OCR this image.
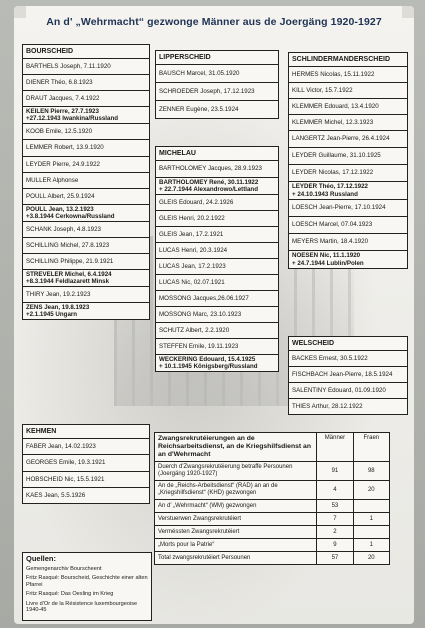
An d' „Wehrmacht“ gezwonge Männer aus de Joergäng 1920-1927
BOURSCHEID
BARTHELS Joseph, 7.11.1920
DIENER Théo, 6.8.1923
DRAUT Jacques, 7.4.1922
KEILEN Pierre, 27.7.1923
+27.12.1943 Iwankina/Russland
KOOB Emile, 12.5.1920
LEMMER Robert, 13.9.1920
LEYDER Pierre, 24.9.1922
MULLER Alphonse
POULL Albert, 25.9.1924
POULL Jean, 13.2.1923
+3.8.1944 Cerkowna/Russland
SCHANK Joseph, 4.8.1923
SCHILLING Michel, 27.8.1923
SCHILLING Philippe, 21.9.1921
STREVELER Michel, 6.4.1924
+8.3.1944 Feldlazarett Minsk
THIRY Jean, 19.2.1923
ZENS Jean, 19.8.1923
+2.1.1945 Ungarn
KEHMEN
FABER Jean, 14.02.1923
GEORGES Emile, 19.3.1921
HOBSCHEID Nic, 15.5.1921
KAES Jean, 5.5.1926
LIPPERSCHEID
BAUSCH Marcel, 31.05.1920
SCHROEDER Joseph, 17.12.1923
ZENNER Eugène, 23.5.1924
MICHELAU
BARTHOLOMEY Jacques, 28.9.1923
BARTHOLOMEY René, 30.11.1922
+ 22.7.1944 Alexandrowo/Lettland
GLEIS Edouard, 24.2.1926
GLEIS Henri, 20.2.1922
GLEIS Jean, 17.2.1921
LUCAS Henri, 20.3.1924
LUCAS Jean, 17.2.1923
LUCAS Nic, 02.07.1921
MOSSONG Jacques,26.06.1927
MOSSONG Marc, 23.10.1923
SCHUTZ Albert, 2.2.1920
STEFFEN Emile, 19.11.1923
WECKERING Edouard, 15.4.1925
+ 10.1.1945 Königsberg/Russland
SCHLINDERMANDERSCHEID
HERMES Nicolas, 15.11.1922
KILL Victor, 15.7.1922
KLEMMER Edouard, 13.4.1920
KLEMMER Michel, 12.3.1923
LANGERTZ Jean-Pierre, 26.4.1924
LEYDER Guillaume, 31.10.1925
LEYDER Nicolas, 17.12.1922
LEYDER Théo, 17.12.1922
+ 24.10.1943 Russland
LOESCH Jean-Pierre, 17.10.1924
LOESCH Marcel, 07.04.1923
MEYERS Martin, 18.4.1920
NOESEN Nic, 11.1.1920
+ 24.7.1944 Lublin/Polen
WELSCHEID
BACKES Ernest, 30.5.1922
FISCHBACH Jean-Pierre, 18.5.1924
SALENTINY Edouard, 01.09.1920
THIES Arthur, 28.12.1922
Zwangsrekrutéierungen an de Reichsarbeitsdienst, an de Kriegshilfsdienst an an d'Wehrmacht
Männer	Fraen
Duerch d'Zwangsrekrutéierung betraffe Persounen (Joergäng 1920-1927)	91	98
An de „Reichs-Arbeitsdienst“ (RAD) an an de „Kriegshilfsdienst“ (KHD) gezwongen	4	20
An d' „Wehrmacht“ (WM) gezwongen	53
Verstuerwen Zwangsrekrutéiert	7	1
Verméssten Zwangsrekrutéiert	2
„Morts pour la Patrie“	9	1
Total zwangsrekrutéiert Persounen	57	20
Quellen:
Gemengenarchiv Bourscheent
Fritz Rasqué: Bourscheid, Geschichte einer alten Pfarrei
Fritz Rasqué: Das Oesling im Krieg
Livre d'Or de la Résistence luxembourgeoise 1940-45
